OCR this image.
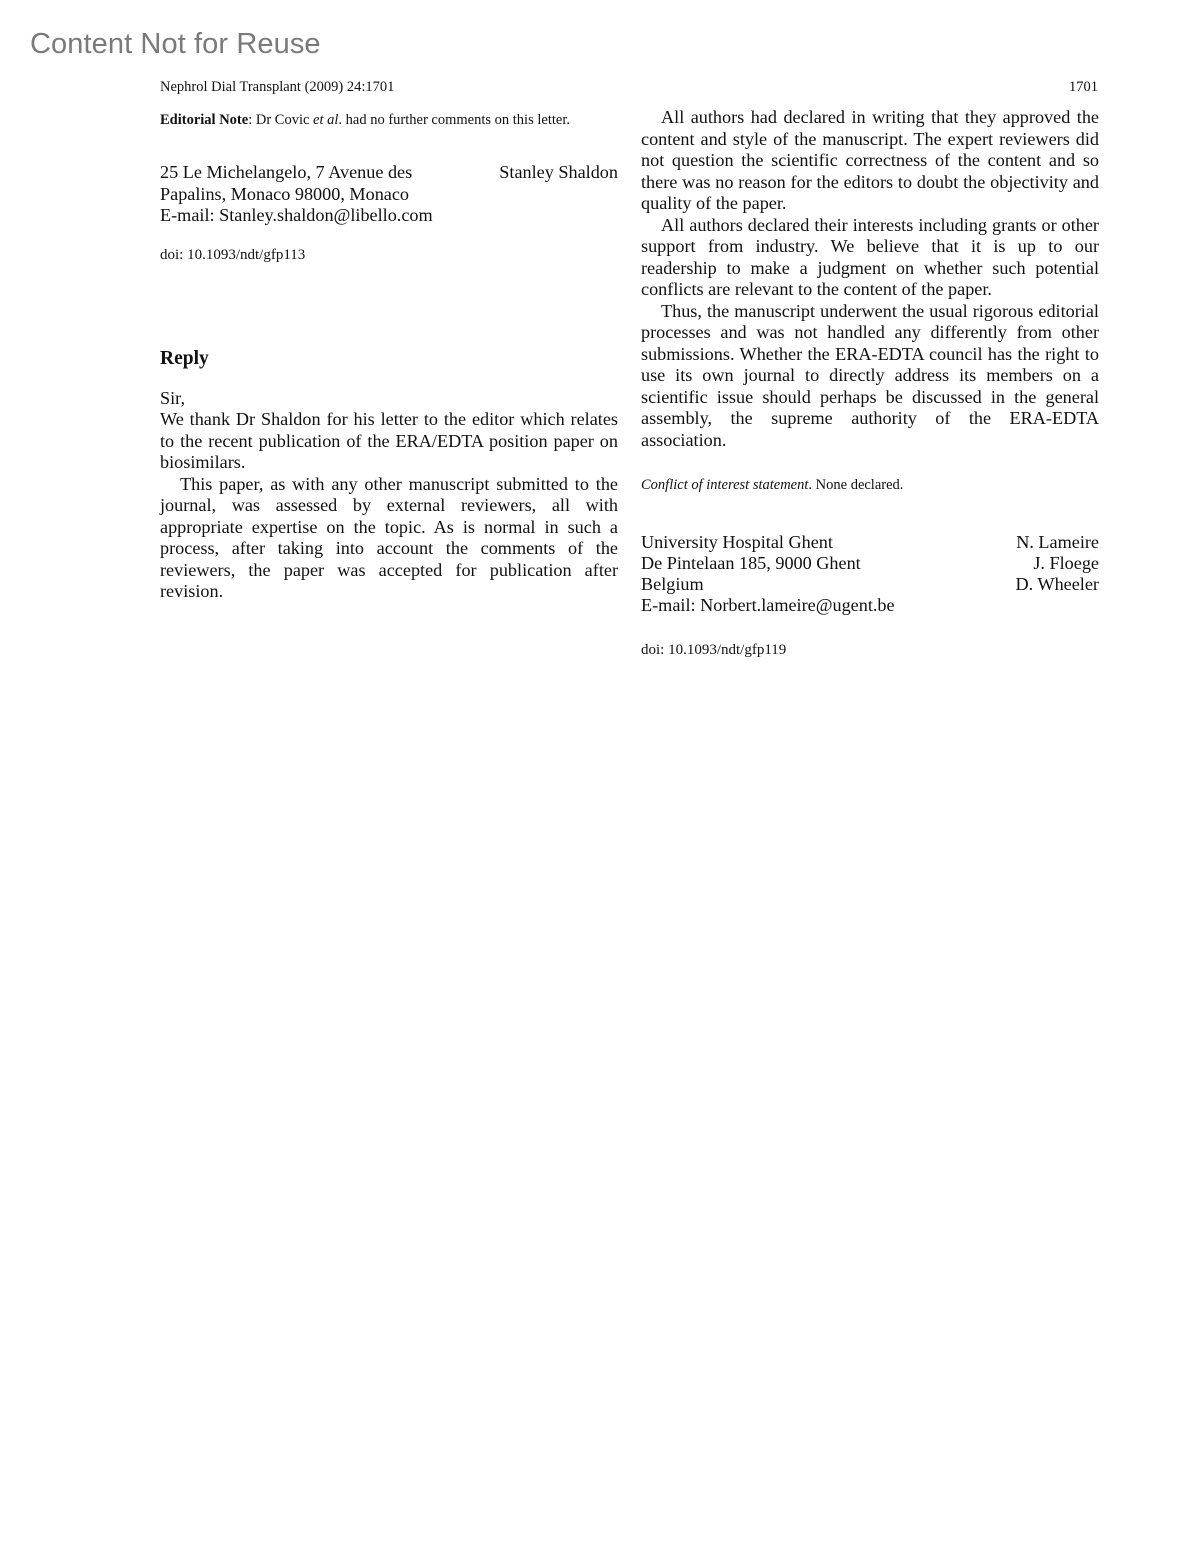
Content Not for Reuse
Nephrol Dial Transplant (2009) 24:1701	1701

Editorial Note: Dr Covic et al. had no further comments on this letter.

25 Le Michelangelo, 7 Avenue des
Papalins, Monaco 98000, Monaco
E-mail: Stanley.shaldon@libello.com
Stanley Shaldon
doi: 10.1093/ndt/gfp113
Reply
Sir,

We thank Dr Shaldon for his letter to the editor which relates to the recent publication of the ERA/EDTA position paper on biosimilars.

This paper, as with any other manuscript submitted to the journal, was assessed by external reviewers, all with appropriate expertise on the topic. As is normal in such a process, after taking into account the comments of the reviewers, the paper was accepted for publication after revision.

All authors had declared in writing that they approved the content and style of the manuscript. The expert reviewers did not question the scientific correctness of the content and so there was no reason for the editors to doubt the objectivity and quality of the paper.

All authors declared their interests including grants or other support from industry. We believe that it is up to our readership to make a judgment on whether such potential conflicts are relevant to the content of the paper.

Thus, the manuscript underwent the usual rigorous editorial processes and was not handled any differently from other submissions. Whether the ERA-EDTA council has the right to use its own journal to directly address its members on a scientific issue should perhaps be discussed in the general assembly, the supreme authority of the ERA-EDTA association.

Conflict of interest statement. None declared.
University Hospital Ghent
De Pintelaan 185, 9000 Ghent
Belgium
E-mail: Norbert.lameire@ugent.be
N. Lameire
J. Floege
D. Wheeler
doi: 10.1093/ndt/gfp119
